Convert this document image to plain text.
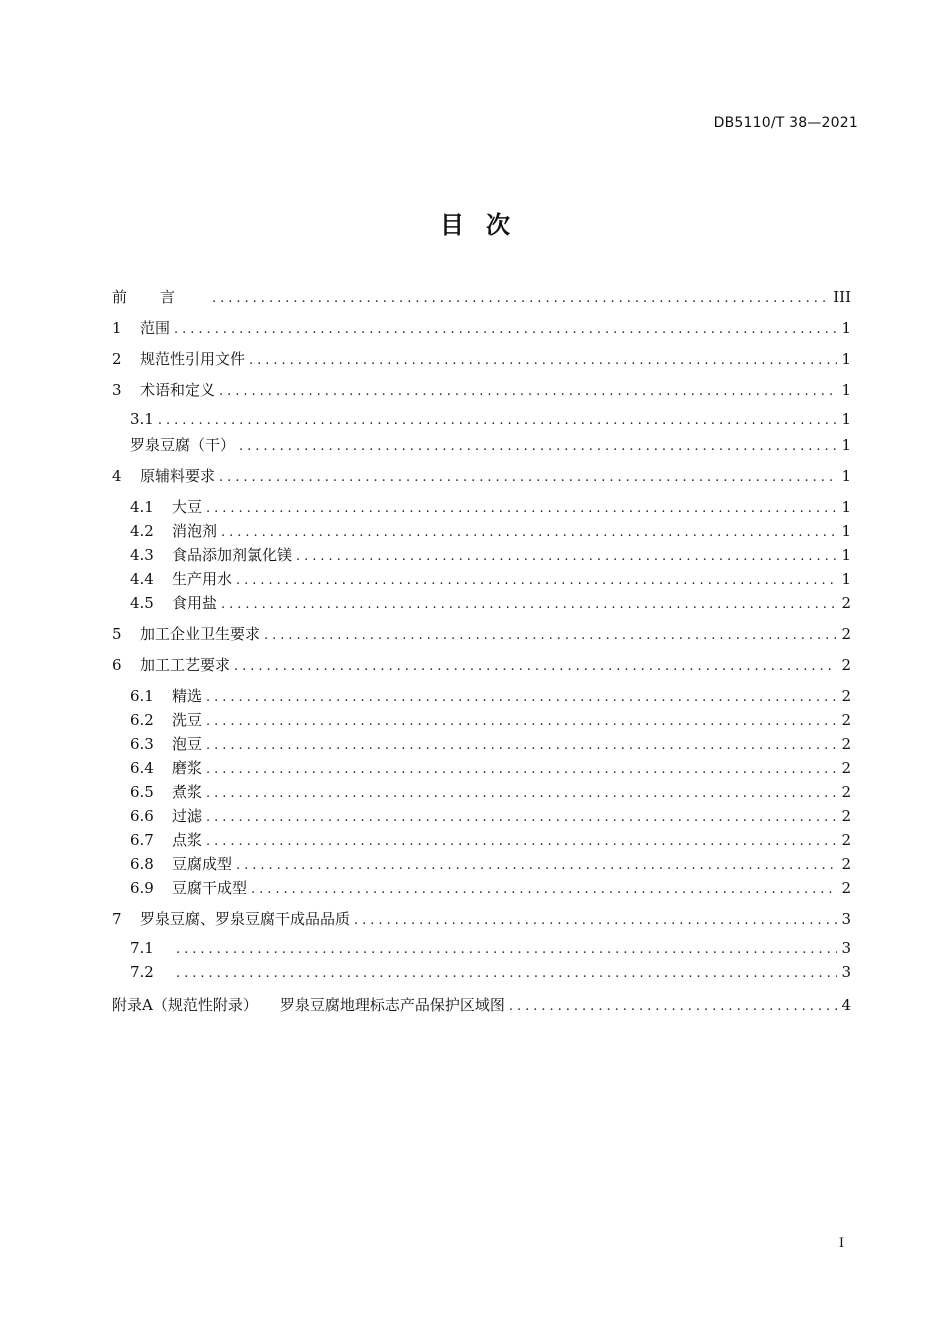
DB5110/T 38—2021
目次
前言 .....	III
1	范围 .....	1
2	规范性引用文件 .....	1
3	术语和定义 .....	1
3.1 .....	1
罗泉豆腐（干） .....	1
4	原辅料要求 .....	1
4.1	大豆 .....	1
4.2	消泡剂 .....	1
4.3	食品添加剂氯化镁 .....	1
4.4	生产用水 .....	1
4.5	食用盐 .....	2
5	加工企业卫生要求 .....	2
6	加工工艺要求 .....	2
6.1	精选 .....	2
6.2	洗豆 .....	2
6.3	泡豆 .....	2
6.4	磨浆 .....	2
6.5	煮浆 .....	2
6.6	过滤 .....	2
6.7	点浆 .....	2
6.8	豆腐成型 .....	2
6.9	豆腐干成型 .....	2
7	罗泉豆腐、罗泉豆腐干成品品质 .....	3
7.1 .....	3
7.2 .....	3
附录A（规范性附录） 罗泉豆腐地理标志产品保护区域图 .....	4
I
